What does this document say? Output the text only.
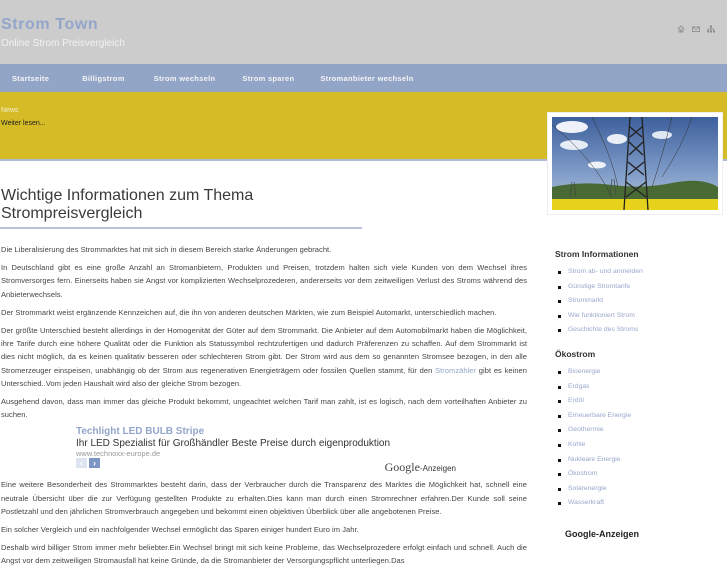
Strom Town
Online Strom Preisvergleich
Startseite	Billigstrom	Strom wechseln	Strom sparen	Stromanbieter wechseln
News
Weiter lesen...
Wichtige Informationen zum Thema Strompreisvergleich

Die Liberalisierung des Strommarktes hat mit sich in diesem Bereich starke Änderungen gebracht.

In Deutschland gibt es eine große Anzahl an Stromanbietern, Produkten und Preisen, trotzdem halten sich viele Kunden von dem Wechsel ihres Stromversorges fern. Einerseits haben sie Angst vor komplizierten Wechselprozederen, andererseits vor dem zeitweiligen Verlust des Stroms während des Anbieterwechsels.

Der Strommarkt weist ergänzende Kennzeichen auf, die ihn von anderen deutschen Märkten, wie zum Beispiel Automarkt, unterschiedlich machen.

Der größte Unterschied besteht allerdings in der Homogenität der Güter auf dem Strommarkt. Die Anbieter auf dem Automobilmarkt haben die Möglichkeit, ihre Tarife durch eine höhere Qualität oder die Funktion als Statussymbol rechtzufertigen und dadurch Präferenzen zu schaffen. Auf dem Strommarkt ist dies nicht möglich, da es keinen qualitativ besseren oder schlechteren Strom gibt. Der Strom wird aus dem so genannten Stromsee bezogen, in den alle Stromerzeuger einspeisen, unabhängig ob der Strom aus regenerativen Energieträgern oder fossilen Quellen stammt, für den Stromzähler gibt es keinen Unterschied..Vom jeden Haushalt wird also der gleiche Strom bezogen.

Ausgehend davon, dass man immer das gleiche Produkt bekommt, ungeachtet welchen Tarif man zahlt, ist es logisch, nach dem vorteilhaften Anbieter zu suchen.

Techlight LED BULB Stripe
Ihr LED Spezialist für Großhändler Beste Preise durch eigenproduktion
www.technoxx-europe.de
‹	›	Google-Anzeigen

Eine weitere Besonderheit des Strommarktes besteht darin, dass der Verbraucher durch die Transparenz des Marktes die Möglichkeit hat, schnell eine neutrale Übersicht über die zur Verfügung gestellten Produkte zu erhalten.Dies kann man durch einen Stromrechner erfahren.Der Kunde soll seine Postletzahl und den jährlichen Stromverbrauch angegeben und bekommt einen objektiven Überblick über alle angebotenen Preise.

Ein solcher Vergleich und ein nachfolgender Wechsel ermöglicht das Sparen einiger hundert Euro im Jahr.

Deshalb wird billiger Strom immer mehr beliebter.Ein Wechsel bringt mit sich keine Probleme, das Wechselprozedere erfolgt einfach und schnell. Auch die Angst vor dem zeitweiligen Stromausfall hat keine Gründe, da die Stromanbieter der Versorgungspflicht unterliegen.Das

Strom Informationen
Strom ab- und anmelden
Günstige Stromtarife
Strommarkt
Wie funktioniert Strom
Geschichte des Stroms
Ökostrom
Bioenergie
Erdgas
Erdöl
Erneuerbare Energie
Geothermie
Kohle
Nukleare Energie
Ökostrom
Solarenergie
Wasserkraft
Google-Anzeigen
